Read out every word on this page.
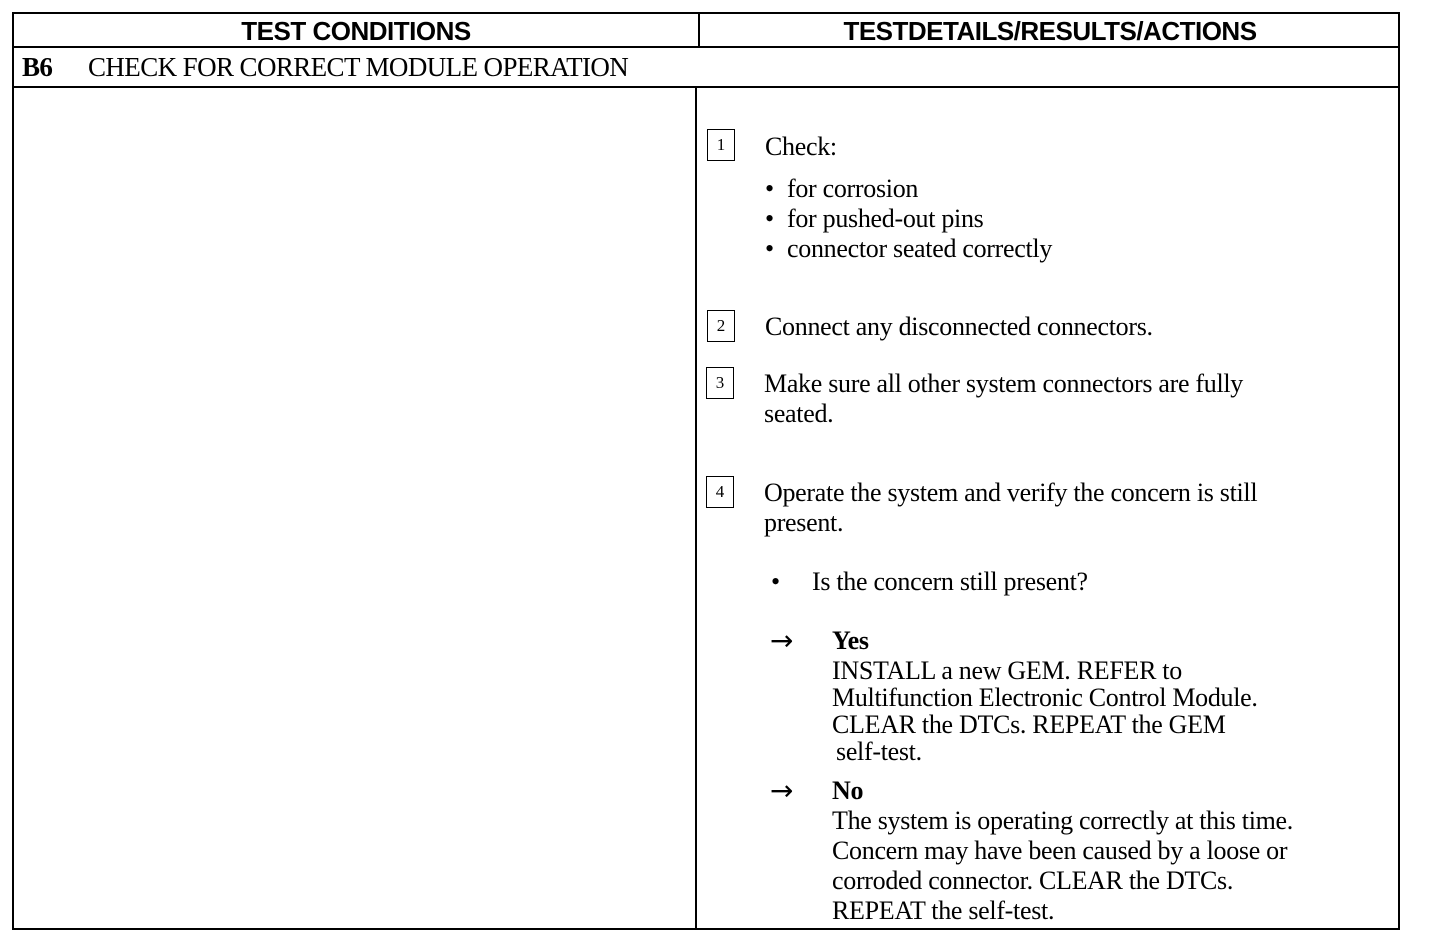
TEST CONDITIONS	TESTDETAILS/RESULTS/ACTIONS
B6 CHECK FOR CORRECT MODULE OPERATION
1	Check:
• for corrosion
• for pushed-out pins
• connector seated correctly
2	Connect any disconnected connectors.
3	Make sure all other system connectors are fully
seated.
4	Operate the system and verify the concern is still
present.
• Is the concern still present?
→ Yes
INSTALL a new GEM. REFER to
Multifunction Electronic Control Module.
CLEAR the DTCs. REPEAT the GEM
self-test.
→ No
The system is operating correctly at this time.
Concern may have been caused by a loose or
corroded connector. CLEAR the DTCs.
REPEAT the self-test.
